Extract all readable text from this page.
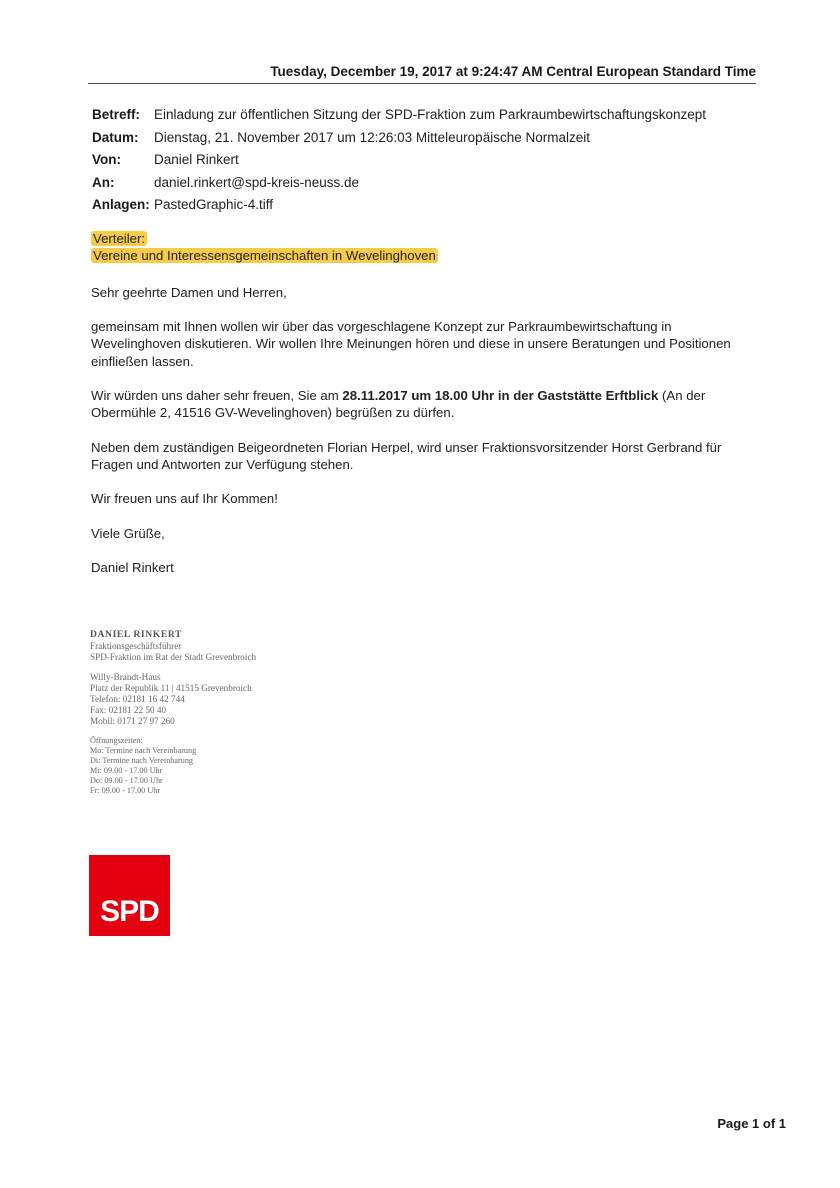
Tuesday, December 19, 2017 at 9:24:47 AM Central European Standard Time
Betreff:	Einladung zur öffentlichen Sitzung der SPD-Fraktion zum Parkraumbewirtschaftungskonzept
Datum:	Dienstag, 21. November 2017 um 12:26:03 Mitteleuropäische Normalzeit
Von:	Daniel Rinkert
An:	daniel.rinkert@spd-kreis-neuss.de
Anlagen: PastedGraphic-4.tiff
Verteiler:
Vereine und Interessensgemeinschaften in Wevelinghoven
Sehr geehrte Damen und Herren,
gemeinsam mit Ihnen wollen wir über das vorgeschlagene Konzept zur Parkraumbewirtschaftung in
Wevelinghoven diskutieren. Wir wollen Ihre Meinungen hören und diese in unsere Beratungen und Positionen
einfließen lassen.
Wir würden uns daher sehr freuen, Sie am 28.11.2017 um 18.00 Uhr in der Gaststätte Erftblick (An der
Obermühle 2, 41516 GV-Wevelinghoven) begrüßen zu dürfen.
Neben dem zuständigen Beigeordneten Florian Herpel, wird unser Fraktionsvorsitzender Horst Gerbrand für
Fragen und Antworten zur Verfügung stehen.
Wir freuen uns auf Ihr Kommen!
Viele Grüße,
Daniel Rinkert
DANIEL RINKERT
Fraktionsgeschäftsführer
SPD-Fraktion im Rat der Stadt Grevenbroich
Willy-Brandt-Haus
Platz der Republik 11 | 41515 Grevenbroich
Telefon: 02181 16 42 744
Fax: 02181 22 50 40
Mobil: 0171 27 97 260
Öffnungszeiten:
Mo: Termine nach Vereinbarung
Di: Termine nach Vereinbarung
Mi: 09.00 - 17.00 Uhr
Do: 09.00 - 17.00 Uhr
Fr: 09.00 - 17.00 Uhr
SPD
Page 1 of 1
